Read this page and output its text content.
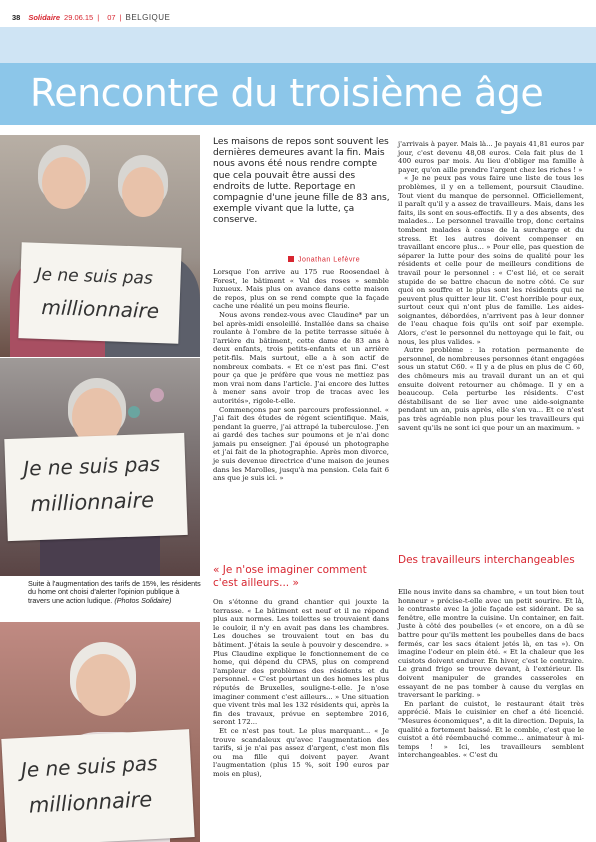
38 Solidaire 29.06.15 | 07 | BELGIQUE
Rencontre du troisième âge
Je ne suis pas
millionnaire
Je ne suis pas
millionnaire
Suite à l'augmentation des tarifs de 15%, les résidents du home ont choisi d'alerter l'opinion publique à travers une action ludique. (Photos Solidaire)
Je ne suis pas
millionnaire
Les maisons de repos sont souvent les dernières demeures avant la fin. Mais nous avons été nous rendre compte que cela pouvait être aussi des endroits de lutte. Reportage en compagnie d'une jeune fille de 83 ans, exemple vivant que la lutte, ça conserve.
Jonathan Lefèvre

Lorsque l'on arrive au 175 rue Roosendael à Forest, le bâtiment « Val des roses » semble luxueux. Mais plus on avance dans cette maison de repos, plus on se rend compte que la façade cache une réalité un peu moins fleurie.

Nous avons rendez-vous avec Claudine* par un bel après-midi ensoleillé. Installée dans sa chaise roulante à l'ombre de la petite terrasse située à l'arrière du bâtiment, cette dame de 83 ans à deux enfants, trois petits-enfants et un arrière petit-fils. Mais surtout, elle a à son actif de nombreux combats. « Et ce n'est pas fini. C'est pour ça que je préfère que vous ne mettiez pas mon vrai nom dans l'article. J'ai encore des luttes à mener sans avoir trop de tracas avec les autorités», rigole-t-elle.

Commençons par son parcours professionnel. « J'ai fait des études de régent scientifique. Mais, pendant la guerre, j'ai attrapé la tuberculose. J'en ai gardé des taches sur poumons et je n'ai donc jamais pu enseigner. J'ai épousé un photographe et j'ai fait de la photographie. Après mon divorce, je suis devenue directrice d'une maison de jeunes dans les Marolles, jusqu'à ma pension. Cela fait 6 ans que je suis ici. »

« Je n'ose imaginer comment c'est ailleurs... »

On s'étonne du grand chantier qui jouxte la terrasse. « Le bâtiment est neuf et il ne répond plus aux normes. Les toilettes se trouvaient dans le couloir, il n'y en avait pas dans les chambres. Les douches se trouvaient tout en bas du bâtiment. J'étais la seule à pouvoir y descendre. » Plus Claudine explique le fonctionnement de ce home, qui dépend du CPAS, plus on comprend l'ampleur des problèmes des résidents et du personnel. « C'est pourtant un des homes les plus réputés de Bruxelles, souligne-t-elle. Je n'ose imaginer comment c'est ailleurs... » Une situation que vivent très mal les 132 résidents qui, après la fin des travaux, prévue en septembre 2016, seront 172...

Et ce n'est pas tout. Le plus marquant... « Je trouve scandaleux qu'avec l'augmentation des tarifs, si je n'ai pas assez d'argent, c'est mon fils ou ma fille qui doivent payer. Avant l'augmentation (plus 15 %, soit 190 euros par mois en plus),

j'arrivais à payer. Mais là... Je payais 41,81 euros par jour, c'est devenu 48,08 euros. Cela fait plus de 1 400 euros par mois. Au lieu d'obliger ma famille à payer, qu'on aille prendre l'argent chez les riches ! »

« Je ne peux pas vous faire une liste de tous les problèmes, il y en a tellement, poursuit Claudine. Tout vient du manque de personnel. Officiellement, il paraît qu'il y a assez de travailleurs. Mais, dans les faits, ils sont en sous-effectifs. Il y a des absents, des malades... Le personnel travaille trop, donc certains tombent malades à cause de la surcharge et du stress. Et les autres doivent compenser en travaillant encore plus... » Pour elle, pas question de séparer la lutte pour des soins de qualité pour les résidents et celle pour de meilleurs conditions de travail pour le personnel : « C'est lié, et ce serait stupide de se battre chacun de notre côté. Ce sur quoi on souffre et le plus sont les résidents qui ne peuvent plus quitter leur lit. C'est horrible pour eux, surtout ceux qui n'ont plus de famille. Les aides-soignantes, débordées, n'arrivent pas à leur donner de l'eau chaque fois qu'ils ont soif par exemple. Alors, c'est le personnel du nettoyage qui le fait, ou nous, les plus valides. »

Autre problème : la rotation permanente de personnel, de nombreuses personnes étant engagées sous un statut C60. « Il y a de plus en plus de C 60, des chômeurs mis au travail durant un an et qui ensuite doivent retourner au chômage. Il y en a beaucoup. Cela perturbe les résidents. C'est déstabilisant de se lier avec une aide-soignante pendant un an, puis après, elle s'en va... Et ce n'est pas très agréable non plus pour les travailleurs qui savent qu'ils ne sont ici que pour un an maximum. »

Des travailleurs interchangeables

Elle nous invite dans sa chambre, « un tout bien tout honneur » précise-t-elle avec un petit sourire. Et là, le contraste avec la jolie façade est sidérant. De sa fenêtre, elle montre la cuisine. Un container, en fait. Juste à côté des poubelles (« et encore, on a dû se battre pour qu'ils mettent les poubelles dans de bacs fermés, car les sacs étaient jetés là, en tas »). On imagine l'odeur en plein été. « Et la chaleur que les cuistots doivent endurer. En hiver, c'est le contraire. Le grand frigo se trouve devant, à l'extérieur. Ils doivent manipuler de grandes casseroles en essayant de ne pas tomber à cause du verglas en traversant le parking. »

En parlant de cuistot, le restaurant était très apprécié. Mais le cuisinier en chef a été licencié. "Mesures économiques", a dit la direction. Depuis, la qualité a fortement baissé. Et le comble, c'est que le cuistot a été réembauché comme... animateur à mi-temps ! » Ici, les travailleurs semblent interchangeables. « C'est du
